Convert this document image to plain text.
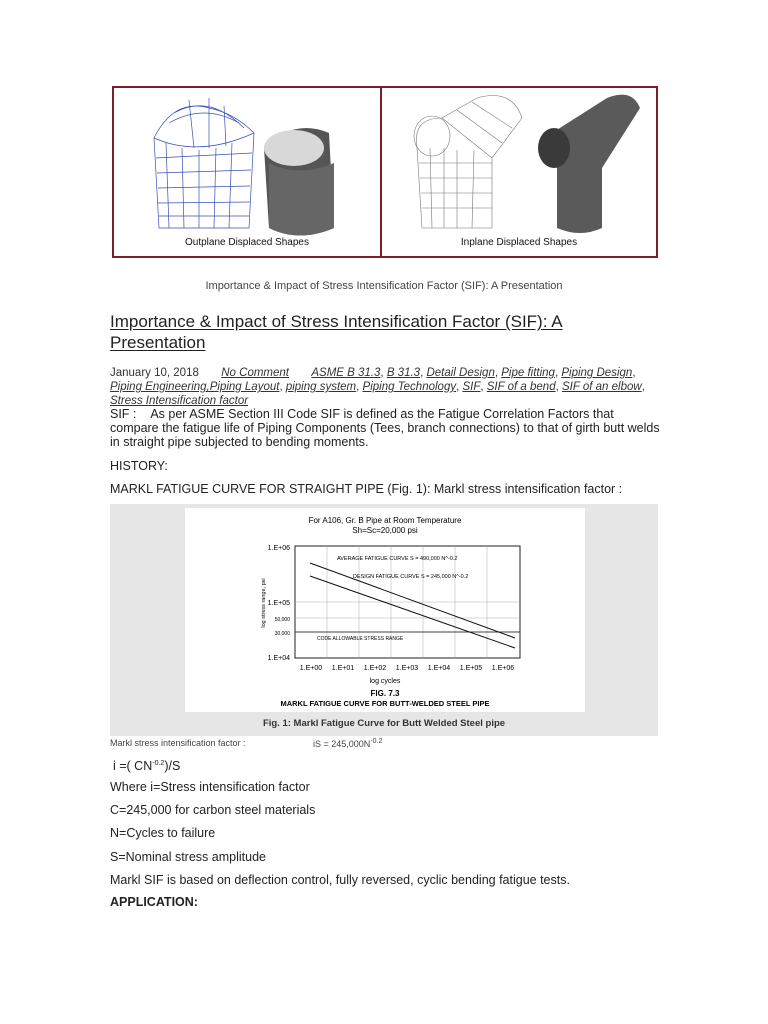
Outplane Displaced Shapes	Inplane Displaced Shapes
Importance & Impact of Stress Intensification Factor (SIF): A Presentation
Importance & Impact of Stress Intensification Factor (SIF): A Presentation
January 10, 2018 No Comment ASME B 31.3, B 31.3, Detail Design, Pipe fitting, Piping Design, Piping Engineering,Piping Layout, piping system, Piping Technology, SIF, SIF of a bend, SIF of an elbow, Stress Intensification factor
SIF : As per ASME Section III Code SIF is defined as the Fatigue Correlation Factors that compare the fatigue life of Piping Components (Tees, branch connections) to that of girth butt welds in straight pipe subjected to bending moments.
HISTORY:
MARKL FATIGUE CURVE FOR STRAIGHT PIPE (Fig. 1): Markl stress intensification factor :
For A106, Gr. B Pipe at Room Temperature
Sh=Sc=20,000 psi
AVERAGE FATIGUE CURVE S = 490,000 N^-0.2
DESIGN FATIGUE CURVE S = 245,000 N^-0.2
CODE ALLOWABLE STRESS RANGE
1.E+06
1.E+05
50,000
30,000
1.E+04
log stress range, psi
1.E+00 1.E+01 1.E+02 1.E+03 1.E+04 1.E+05 1.E+06
log cycles
FIG. 7.3
MARKL FATIGUE CURVE FOR BUTT-WELDED STEEL PIPE
Fig. 1: Markl Fatigue Curve for Butt Welded Steel pipe
Markl stress intensification factor :	iS = $245,000N^{-0.2}$
i =( $CN^{-0.2})/S$
Where i=Stress intensification factor
C=245,000 for carbon steel materials
N=Cycles to failure
S=Nominal stress amplitude
Markl SIF is based on deflection control, fully reversed, cyclic bending fatigue tests.
APPLICATION:
